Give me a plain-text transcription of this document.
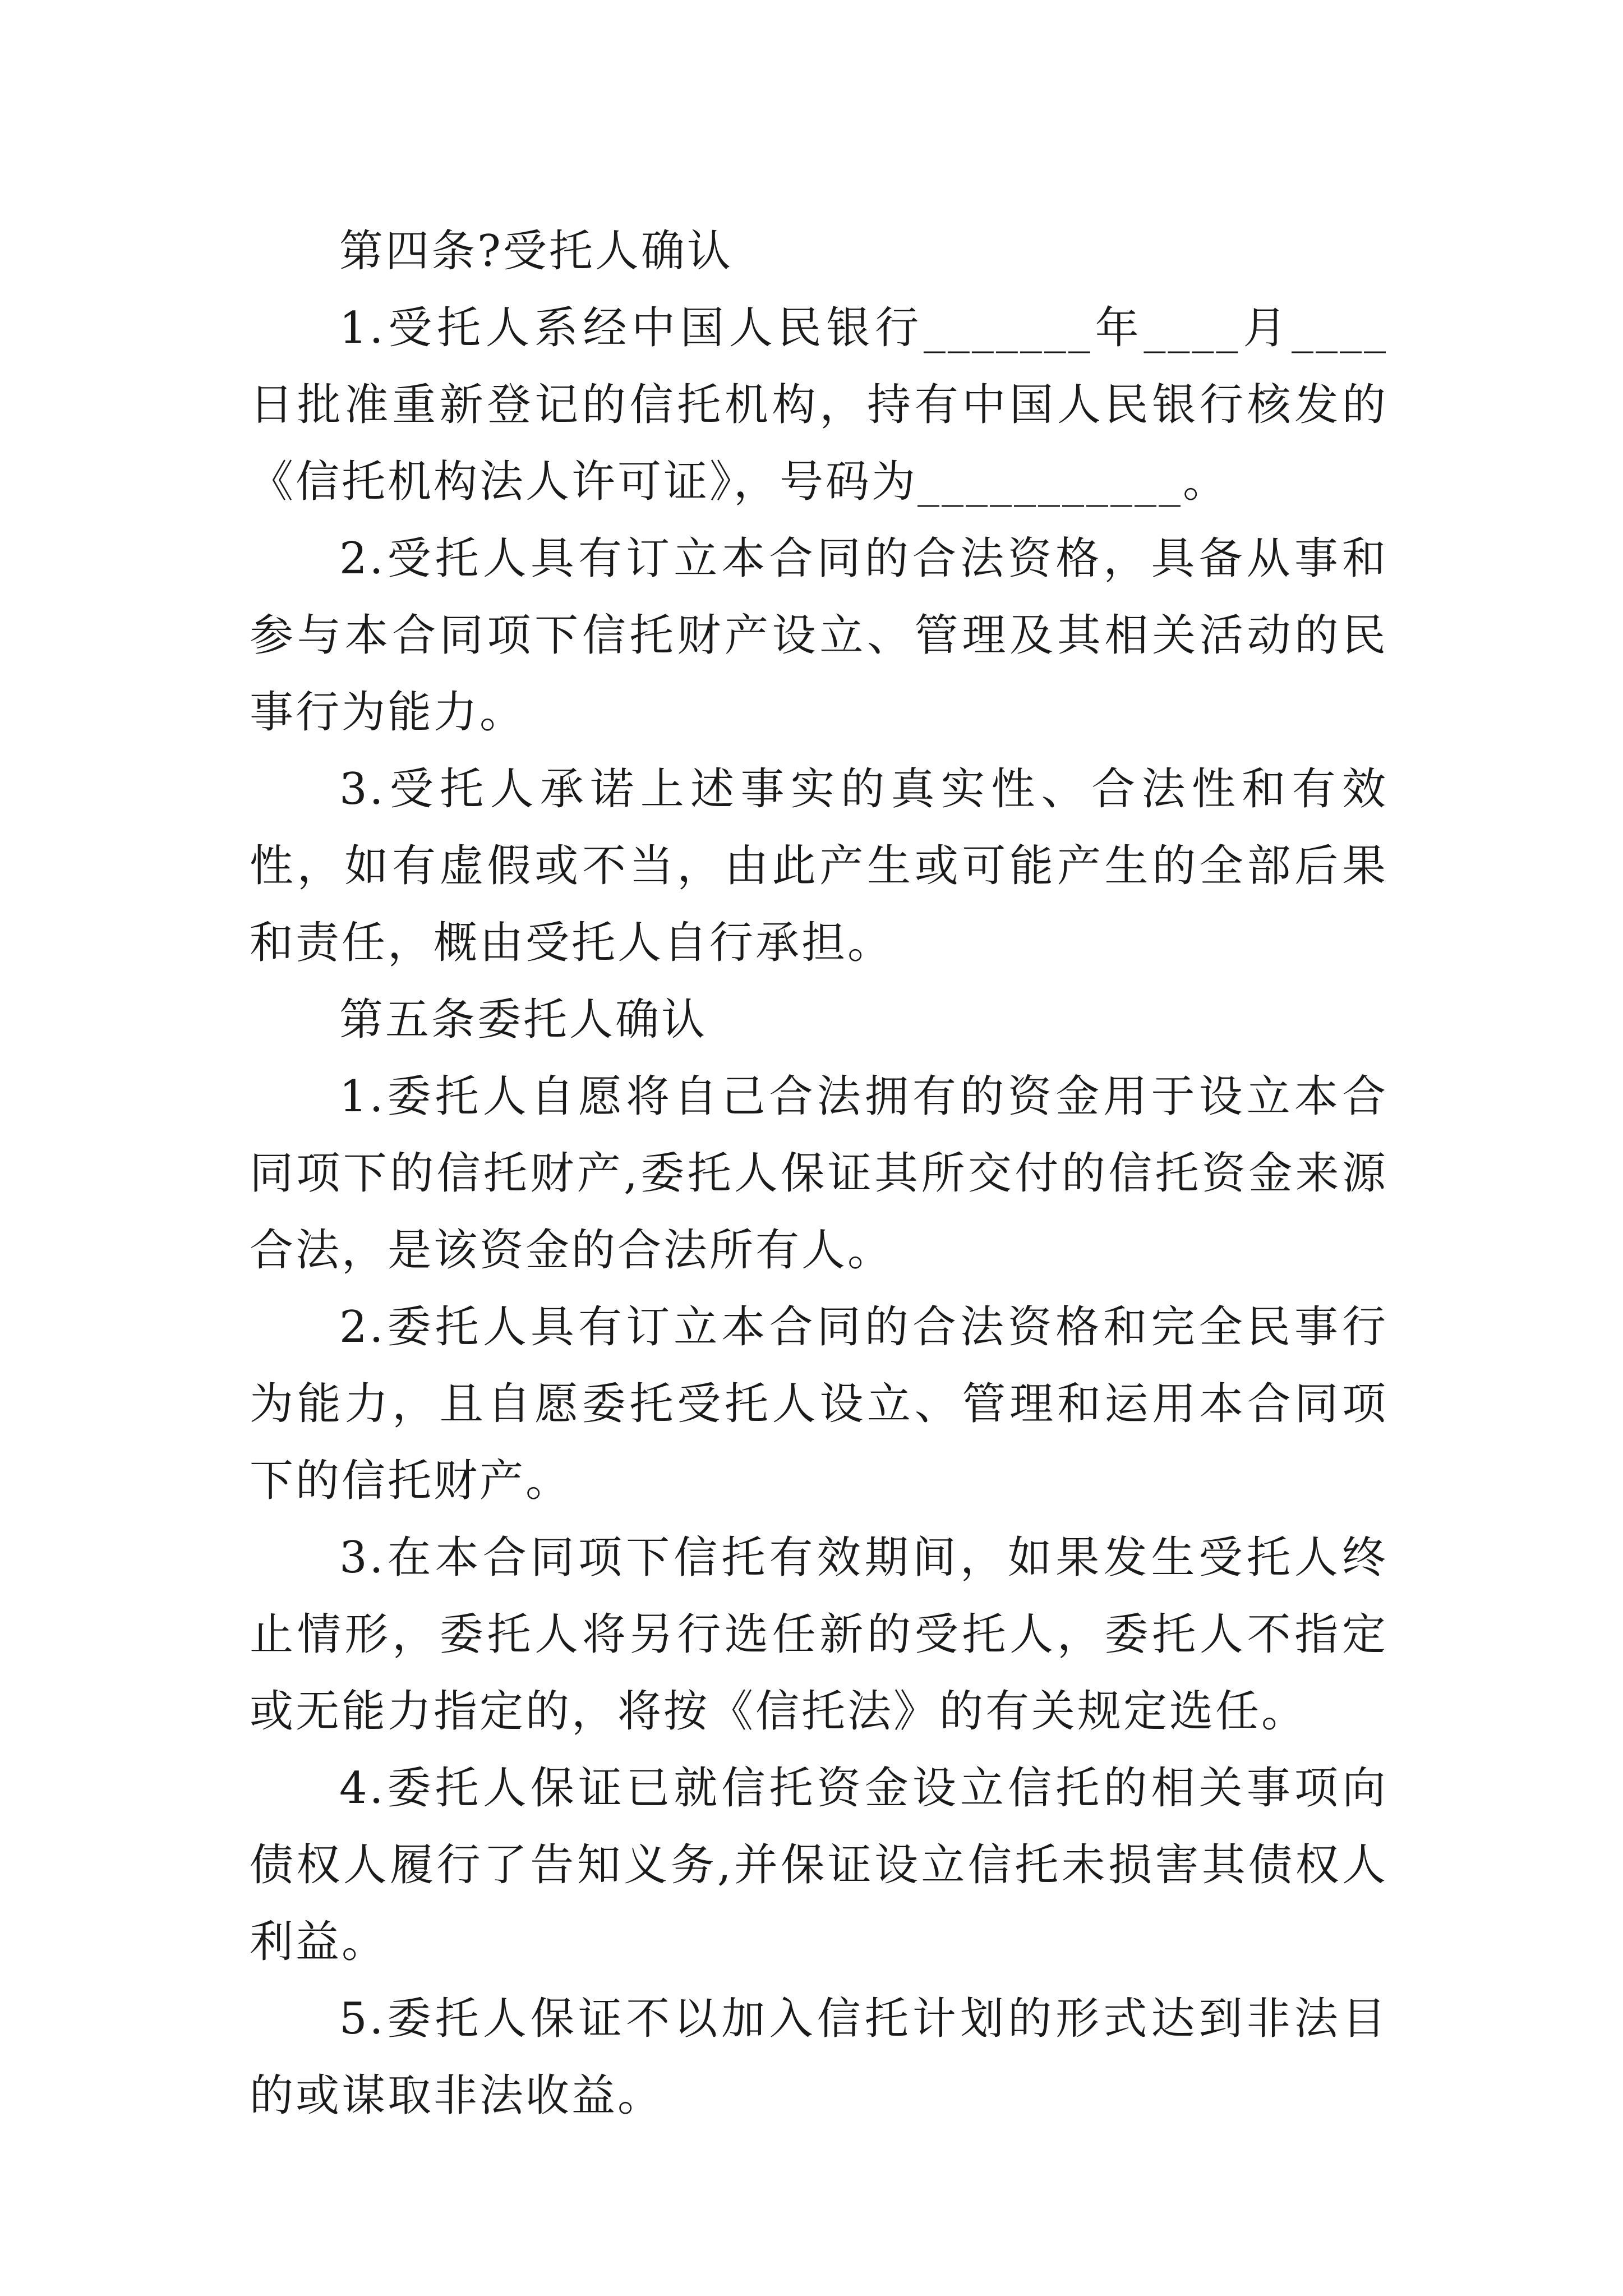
第四条?受托人确认

1.受托人系经中国人民银行_______年____月____日批准重新登记的信托机构，持有中国人民银行核发的《信托机构法人许可证》，号码为___________。

2.受托人具有订立本合同的合法资格，具备从事和参与本合同项下信托财产设立、管理及其相关活动的民事行为能力。

3.受托人承诺上述事实的真实性、合法性和有效性，如有虚假或不当，由此产生或可能产生的全部后果和责任，概由受托人自行承担。

第五条委托人确认

1.委托人自愿将自己合法拥有的资金用于设立本合同项下的信托财产,委托人保证其所交付的信托资金来源合法，是该资金的合法所有人。

2.委托人具有订立本合同的合法资格和完全民事行为能力，且自愿委托受托人设立、管理和运用本合同项下的信托财产。

3.在本合同项下信托有效期间，如果发生受托人终止情形，委托人将另行选任新的受托人，委托人不指定或无能力指定的，将按《信托法》的有关规定选任。

4.委托人保证已就信托资金设立信托的相关事项向债权人履行了告知义务,并保证设立信托未损害其债权人利益。

5.委托人保证不以加入信托计划的形式达到非法目的或谋取非法收益。
